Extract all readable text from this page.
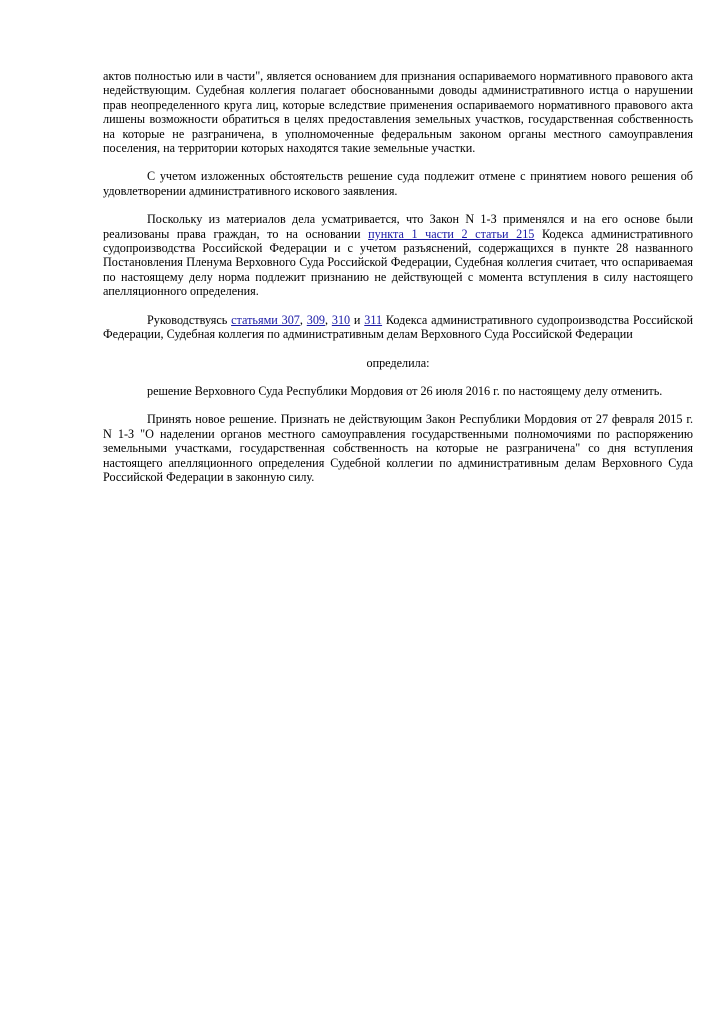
актов полностью или в части", является основанием для признания оспариваемого нормативного правового акта недействующим. Судебная коллегия полагает обоснованными доводы административного истца о нарушении прав неопределенного круга лиц, которые вследствие применения оспариваемого нормативного правового акта лишены возможности обратиться в целях предоставления земельных участков, государственная собственность на которые не разграничена, в уполномоченные федеральным законом органы местного самоуправления поселения, на территории которых находятся такие земельные участки.

С учетом изложенных обстоятельств решение суда подлежит отмене с принятием нового решения об удовлетворении административного искового заявления.

Поскольку из материалов дела усматривается, что Закон N 1-З применялся и на его основе были реализованы права граждан, то на основании пункта 1 части 2 статьи 215 Кодекса административного судопроизводства Российской Федерации и с учетом разъяснений, содержащихся в пункте 28 названного Постановления Пленума Верховного Суда Российской Федерации, Судебная коллегия считает, что оспариваемая по настоящему делу норма подлежит признанию не действующей с момента вступления в силу настоящего апелляционного определения.

Руководствуясь статьями 307, 309, 310 и 311 Кодекса административного судопроизводства Российской Федерации, Судебная коллегия по административным делам Верховного Суда Российской Федерации

определила:

решение Верховного Суда Республики Мордовия от 26 июля 2016 г. по настоящему делу отменить.

Принять новое решение. Признать не действующим Закон Республики Мордовия от 27 февраля 2015 г. N 1-З "О наделении органов местного самоуправления государственными полномочиями по распоряжению земельными участками, государственная собственность на которые не разграничена" со дня вступления настоящего апелляционного определения Судебной коллегии по административным делам Верховного Суда Российской Федерации в законную силу.
